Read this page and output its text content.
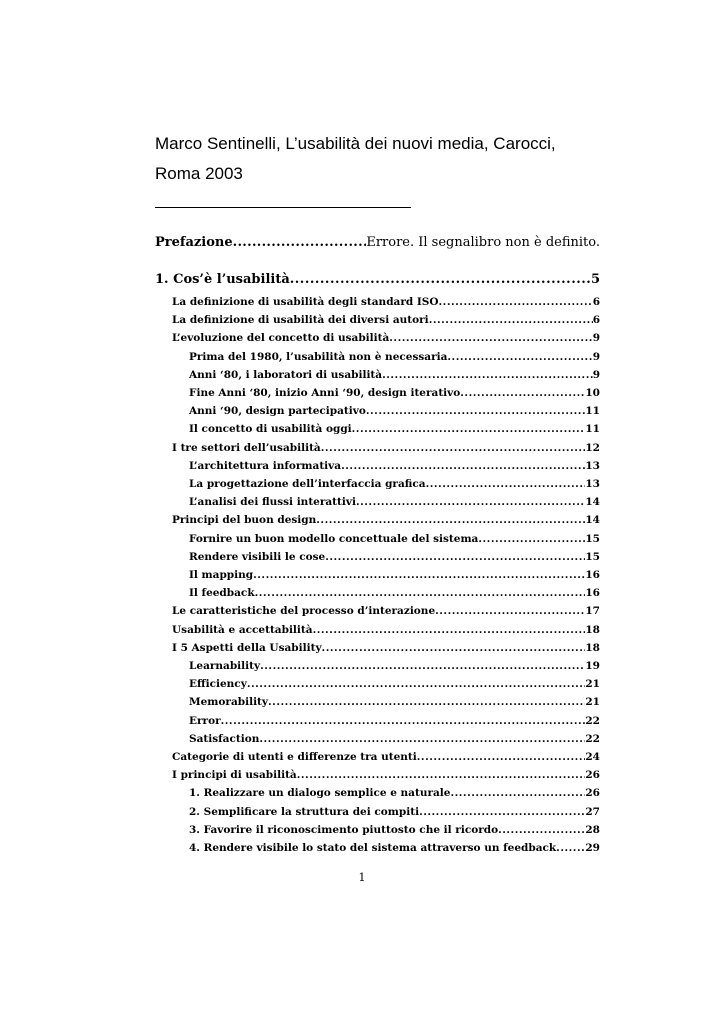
Marco Sentinelli, L’usabilità dei nuovi media, Carocci,
Roma 2003
Prefazione .....	Errore. Il segnalibro non è definito.
1. Cos’è l’usabilità .....	5
La definizione di usabilità degli standard ISO .....	6
La definizione di usabilità dei diversi autori .....	6
L’evoluzione del concetto di usabilità .....	9
Prima del 1980, l’usabilità non è necessaria .....	9
Anni ‘80, i laboratori di usabilità .....	9
Fine Anni ‘80, inizio Anni ‘90, design iterativo .....	10
Anni ‘90, design partecipativo .....	11
Il concetto di usabilità oggi .....	11
I tre settori dell’usabilità .....	12
L’architettura informativa .....	13
La progettazione dell’interfaccia grafica .....	13
L’analisi dei flussi interattivi .....	14
Principi del buon design .....	14
Fornire un buon modello concettuale del sistema .....	15
Rendere visibili le cose .....	15
Il mapping .....	16
Il feedback .....	16
Le caratteristiche del processo d’interazione .....	17
Usabilità e accettabilità .....	18
I 5 Aspetti della Usability .....	18
Learnability .....	19
Efficiency .....	21
Memorability .....	21
Error .....	22
Satisfaction .....	22
Categorie di utenti e differenze tra utenti .....	24
I principi di usabilità .....	26
1. Realizzare un dialogo semplice e naturale .....	26
2. Semplificare la struttura dei compiti .....	27
3. Favorire il riconoscimento piuttosto che il ricordo .....	28
4. Rendere visibile lo stato del sistema attraverso un feedback .....	29
1
